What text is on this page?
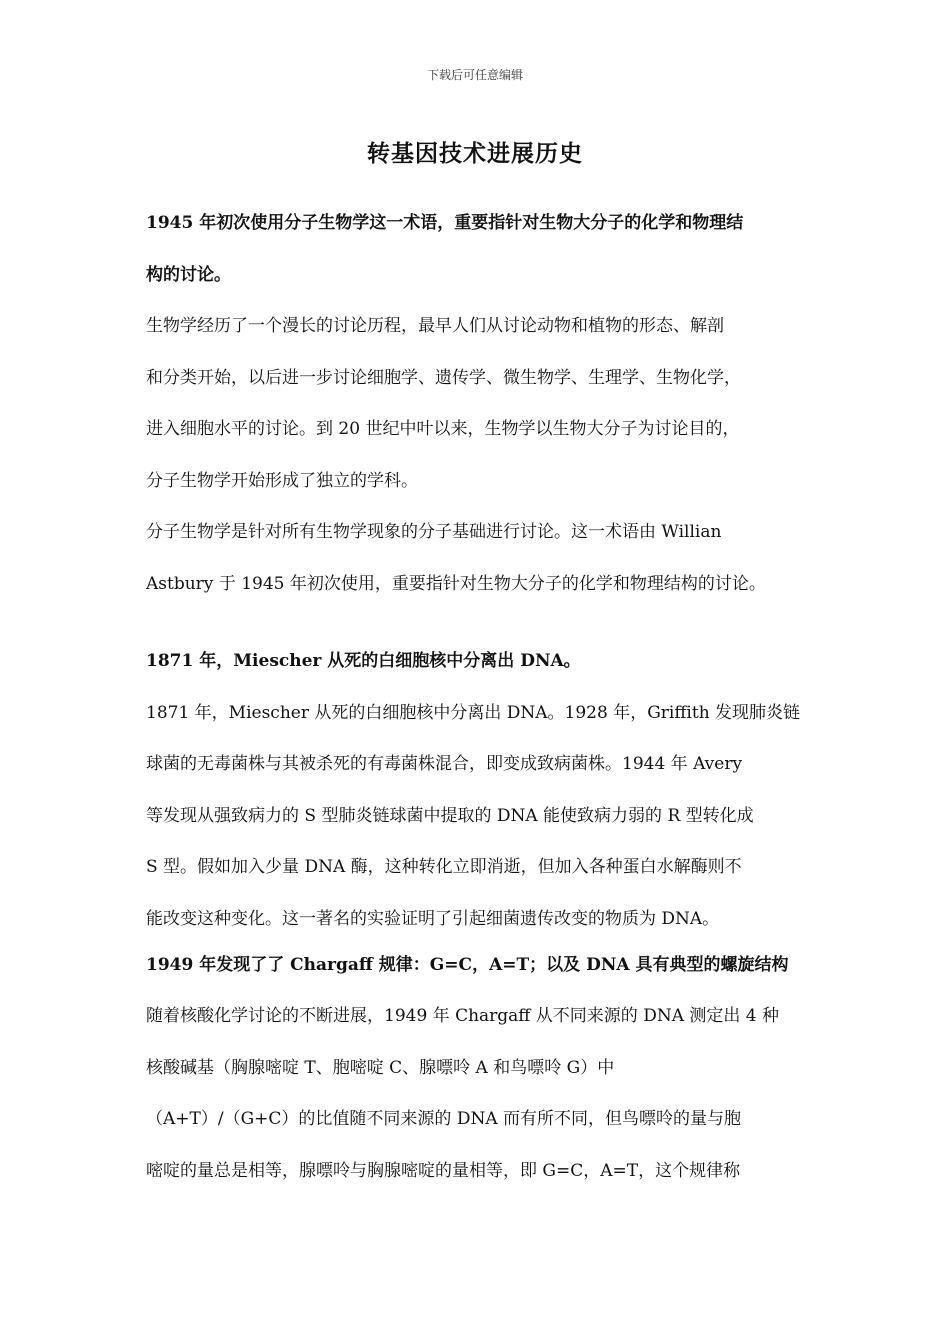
下载后可任意编辑
转基因技术进展历史
1945 年初次使用分子生物学这一术语，重要指针对生物大分子的化学和物理结
构的讨论。
生物学经历了一个漫长的讨论历程，最早人们从讨论动物和植物的形态、解剖
和分类开始，以后进一步讨论细胞学、遗传学、微生物学、生理学、生物化学，
进入细胞水平的讨论。到 20 世纪中叶以来，生物学以生物大分子为讨论目的，
分子生物学开始形成了独立的学科。
分子生物学是针对所有生物学现象的分子基础进行讨论。这一术语由 Willian
Astbury 于 1945 年初次使用，重要指针对生物大分子的化学和物理结构的讨论。
1871 年，Miescher 从死的白细胞核中分离出 DNA。
1871 年，Miescher 从死的白细胞核中分离出 DNA。1928 年，Griffith 发现肺炎链
球菌的无毒菌株与其被杀死的有毒菌株混合，即变成致病菌株。1944 年 Avery
等发现从强致病力的 S 型肺炎链球菌中提取的 DNA 能使致病力弱的 R 型转化成
S 型。假如加入少量 DNA 酶，这种转化立即消逝，但加入各种蛋白水解酶则不
能改变这种变化。这一著名的实验证明了引起细菌遗传改变的物质为 DNA。
1949 年发现了了 Chargaff 规律：G=C，A=T；以及 DNA 具有典型的螺旋结构
随着核酸化学讨论的不断进展，1949 年 Chargaff 从不同来源的 DNA 测定出 4 种
核酸碱基（胸腺嘧啶 T、胞嘧啶 C、腺嘌呤 A 和鸟嘌呤 G）中
（A+T）/（G+C）的比值随不同来源的 DNA 而有所不同，但鸟嘌呤的量与胞
嘧啶的量总是相等，腺嘌呤与胸腺嘧啶的量相等，即 G=C，A=T，这个规律称
